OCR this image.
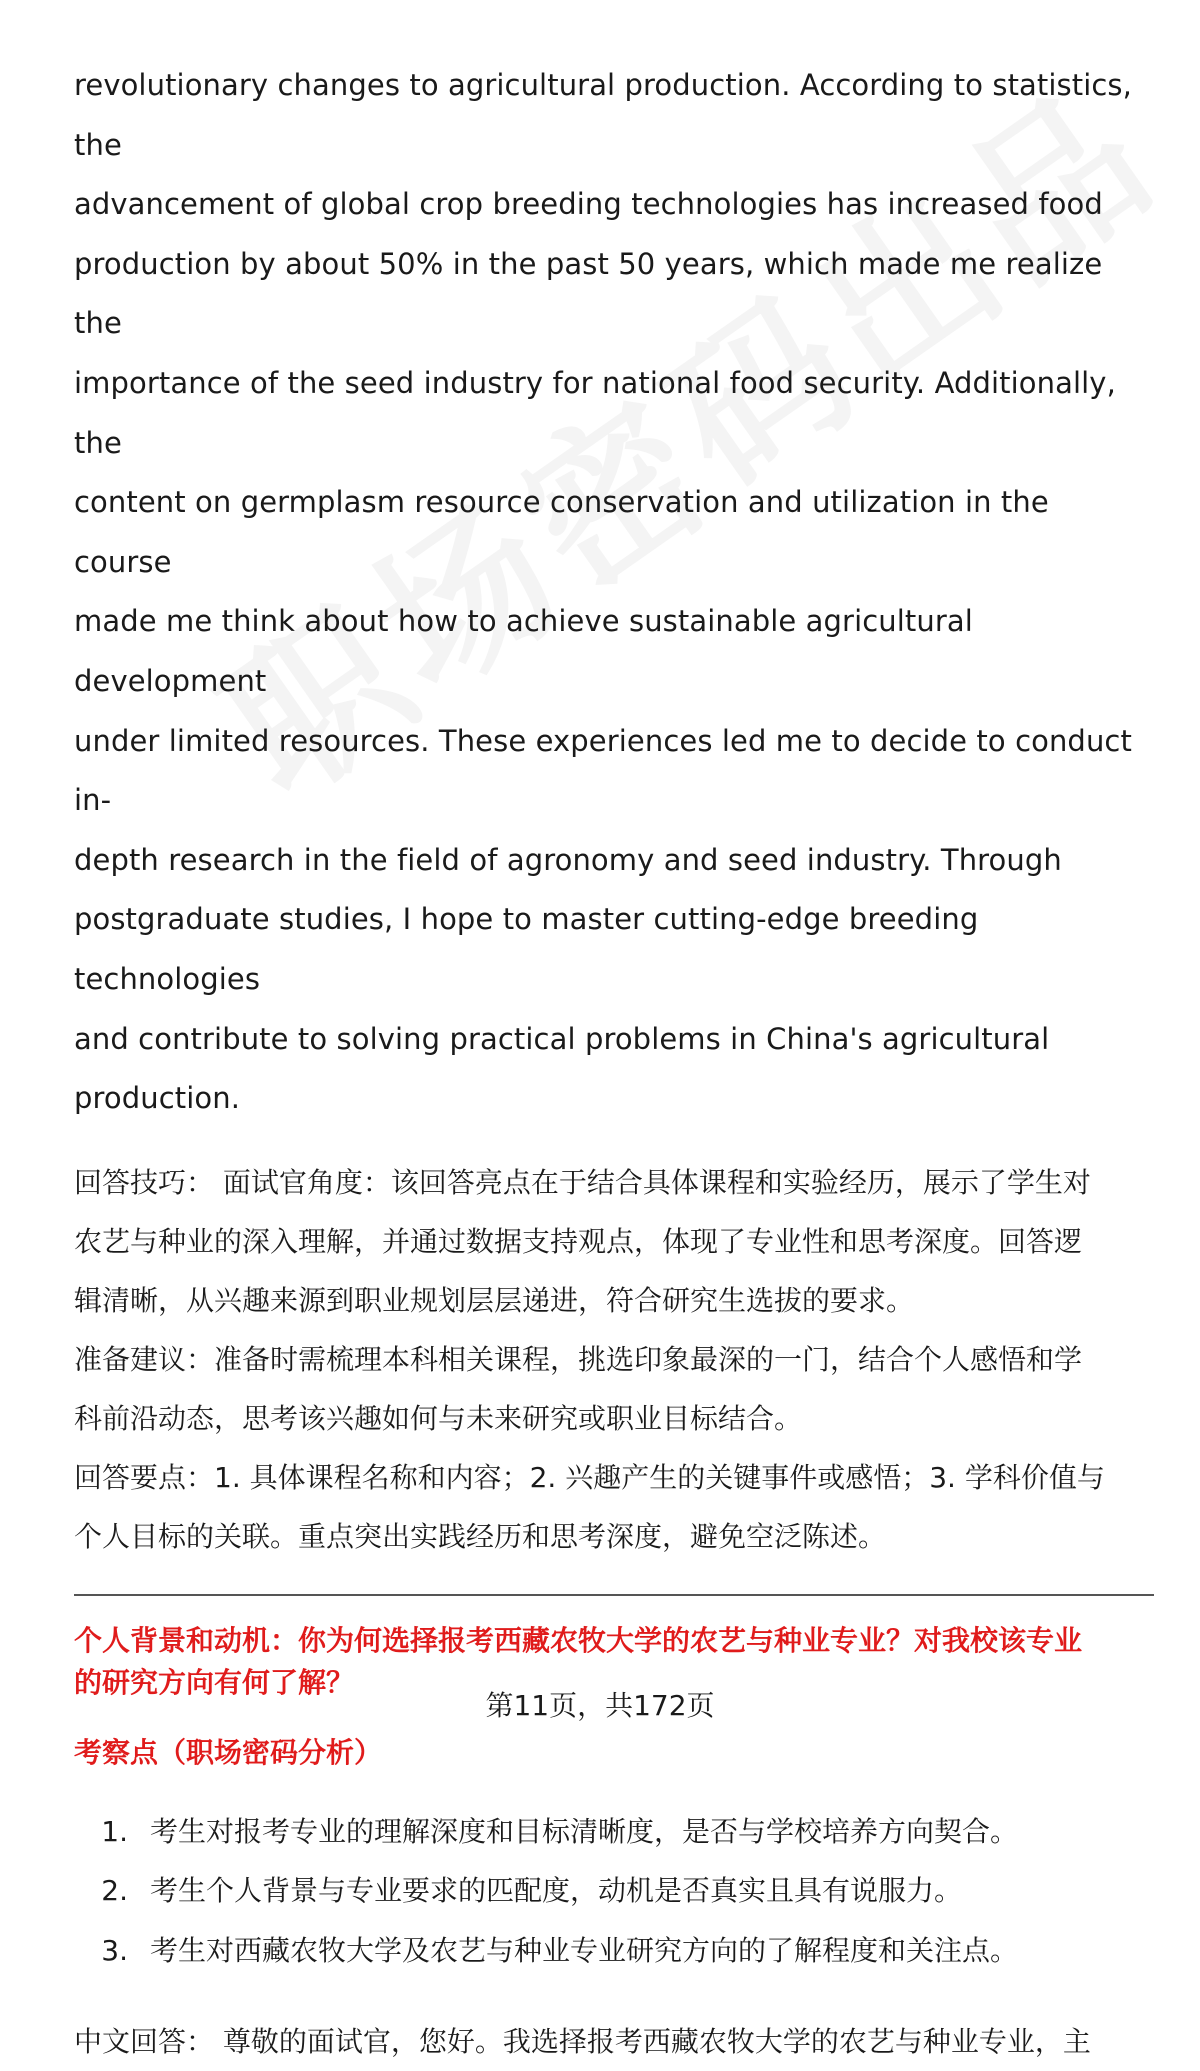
revolutionary changes to agricultural production. According to statistics, the

advancement of global crop breeding technologies has increased food

production by about 50% in the past 50 years, which made me realize the

importance of the seed industry for national food security. Additionally, the

content on germplasm resource conservation and utilization in the course

made me think about how to achieve sustainable agricultural development

under limited resources. These experiences led me to decide to conduct in-

depth research in the field of agronomy and seed industry. Through

postgraduate studies, I hope to master cutting-edge breeding technologies

and contribute to solving practical problems in China's agricultural

production.

回答技巧： 面试官角度：该回答亮点在于结合具体课程和实验经历，展示了学生对

农艺与种业的深入理解，并通过数据支持观点，体现了专业性和思考深度。回答逻

辑清晰，从兴趣来源到职业规划层层递进，符合研究生选拔的要求。

准备建议：准备时需梳理本科相关课程，挑选印象最深的一门，结合个人感悟和学

科前沿动态，思考该兴趣如何与未来研究或职业目标结合。

回答要点：1. 具体课程名称和内容；2. 兴趣产生的关键事件或感悟；3. 学科价值与

个人目标的关联。重点突出实践经历和思考深度，避免空泛陈述。

个人背景和动机：你为何选择报考西藏农牧大学的农艺与种业专业？对我校该专业

的研究方向有何了解？

考察点（职场密码分析）

1. 考生对报考专业的理解深度和目标清晰度，是否与学校培养方向契合。
2. 考生个人背景与专业要求的匹配度，动机是否真实且具有说服力。
3. 考生对西藏农牧大学及农艺与种业专业研究方向的了解程度和关注点。

中文回答： 尊敬的面试官，您好。我选择报考西藏农牧大学的农艺与种业专业，主

第11页，共172页
